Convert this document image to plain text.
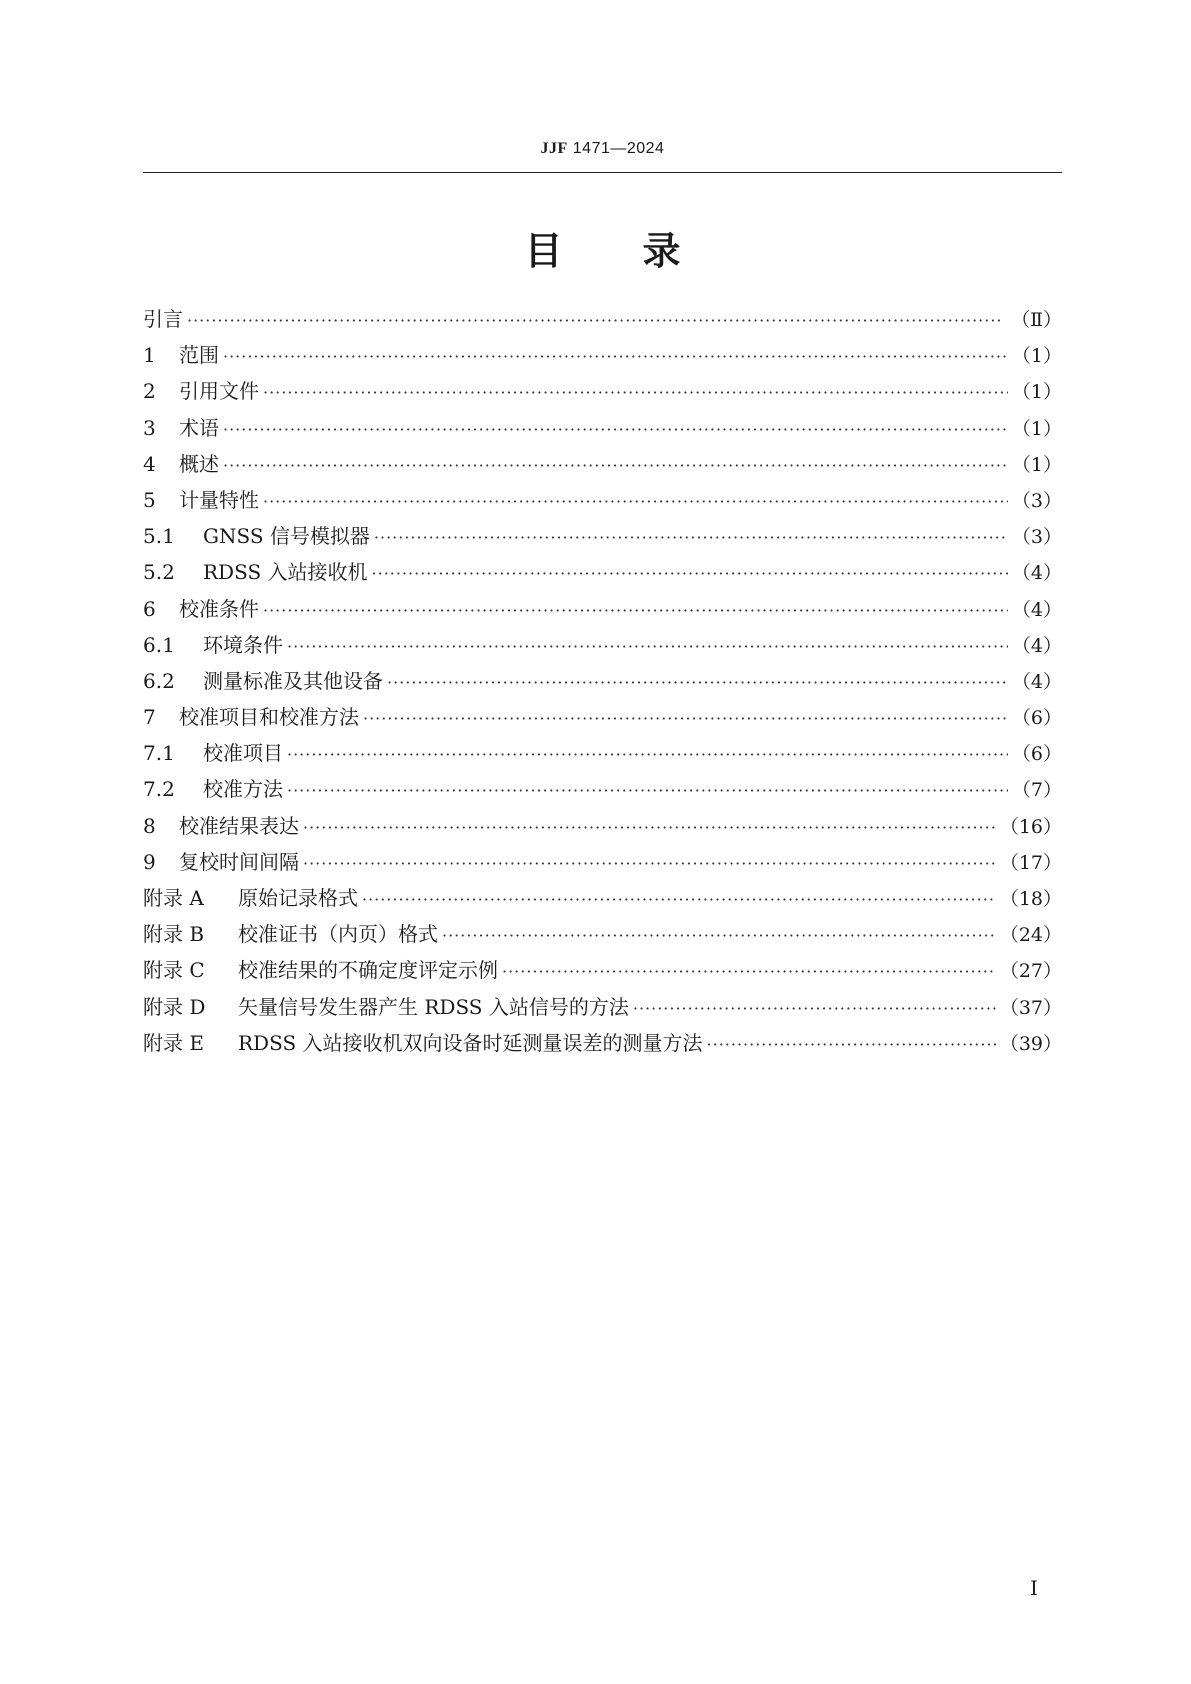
JJF 1471—2024
目录
引言 ·····	（Ⅱ）
1	范围 ·····	（1）
2	引用文件 ·····	（1）
3	术语 ·····	（1）
4	概述 ·····	（1）
5	计量特性 ·····	（3）
5.1	GNSS 信号模拟器 ·····	（3）
5.2	RDSS 入站接收机 ·····	（4）
6	校准条件 ·····	（4）
6.1	环境条件 ·····	（4）
6.2	测量标准及其他设备 ·····	（4）
7	校准项目和校准方法 ·····	（6）
7.1	校准项目 ·····	（6）
7.2	校准方法 ·····	（7）
8	校准结果表达 ·····	（16）
9	复校时间间隔 ·····	（17）
附录 A	原始记录格式 ·····	（18）
附录 B	校准证书（内页）格式 ·····	（24）
附录 C	校准结果的不确定度评定示例 ·····	（27）
附录 D	矢量信号发生器产生 RDSS 入站信号的方法 ·····	（37）
附录 E	RDSS 入站接收机双向设备时延测量误差的测量方法 ·····	（39）
Ⅰ
